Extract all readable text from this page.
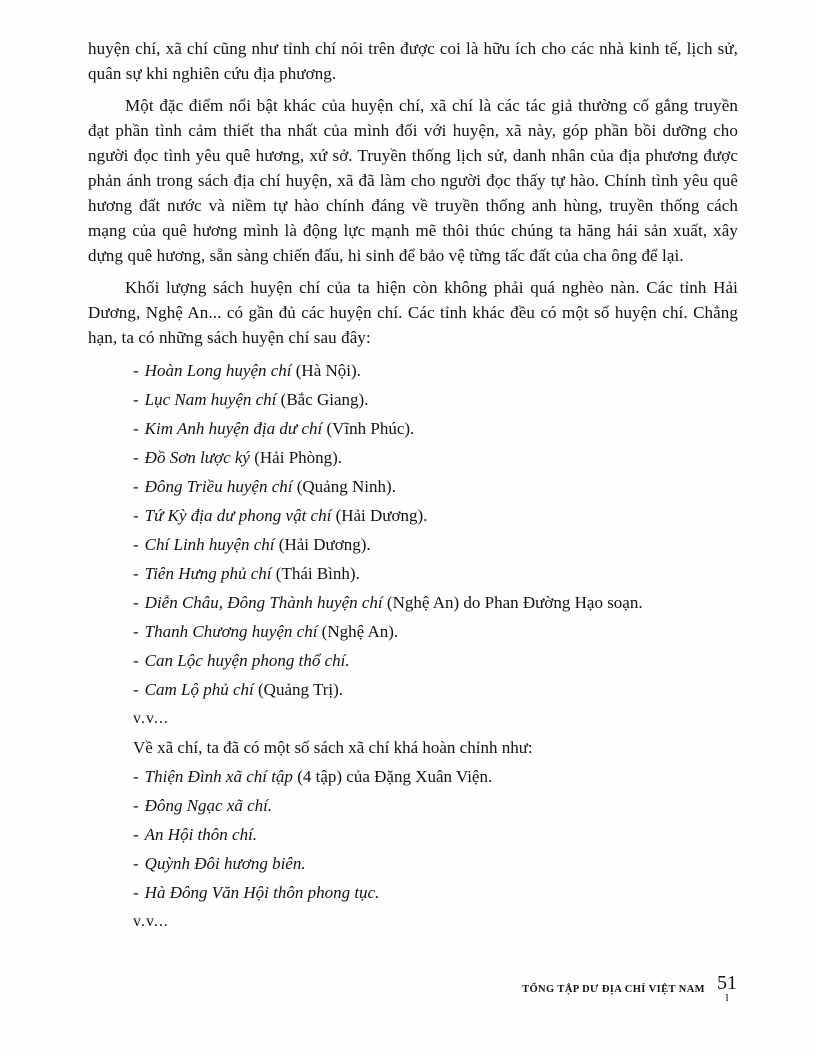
huyện chí, xã chí cũng như tỉnh chí nói trên được coi là hữu ích cho các nhà kinh tế, lịch sử, quân sự khi nghiên cứu địa phương.

Một đặc điểm nổi bật khác của huyện chí, xã chí là các tác giả thường cố gắng truyền đạt phần tình cảm thiết tha nhất của mình đối với huyện, xã này, góp phần bồi dưỡng cho người đọc tình yêu quê hương, xứ sở. Truyền thống lịch sử, danh nhân của địa phương được phản ánh trong sách địa chí huyện, xã đã làm cho người đọc thấy tự hào. Chính tình yêu quê hương đất nước và niềm tự hào chính đáng về truyền thống anh hùng, truyền thống cách mạng của quê hương mình là động lực mạnh mẽ thôi thúc chúng ta hăng hái sản xuất, xây dựng quê hương, sẵn sàng chiến đấu, hi sinh để bảo vệ từng tấc đất của cha ông để lại.

Khối lượng sách huyện chí của ta hiện còn không phải quá nghèo nàn. Các tỉnh Hải Dương, Nghệ An... có gần đủ các huyện chí. Các tỉnh khác đều có một số huyện chí. Chẳng hạn, ta có những sách huyện chí sau đây:

- Hoàn Long huyện chí (Hà Nội).
- Lục Nam huyện chí (Bắc Giang).
- Kim Anh huyện địa dư chí (Vĩnh Phúc).
- Đồ Sơn lược ký (Hải Phòng).
- Đông Triều huyện chí (Quảng Ninh).
- Tứ Kỳ địa dư phong vật chí (Hải Dương).
- Chí Linh huyện chí (Hải Dương).
- Tiên Hưng phủ chí (Thái Bình).
- Diễn Châu, Đông Thành huyện chí (Nghệ An) do Phan Đường Hạo soạn.
- Thanh Chương huyện chí (Nghệ An).
- Can Lộc huyện phong thổ chí.
- Cam Lộ phủ chí (Quảng Trị).
v.v...
Về xã chí, ta đã có một số sách xã chí khá hoàn chỉnh như:
- Thiện Đình xã chí tập (4 tập) của Đặng Xuân Viện.
- Đông Ngạc xã chí.
- An Hội thôn chí.
- Quỳnh Đôi hương biên.
- Hà Đông Văn Hội thôn phong tục.
v.v...
TỔNG TẬP DƯ ĐỊA CHÍ VIỆT NAM 51
I
